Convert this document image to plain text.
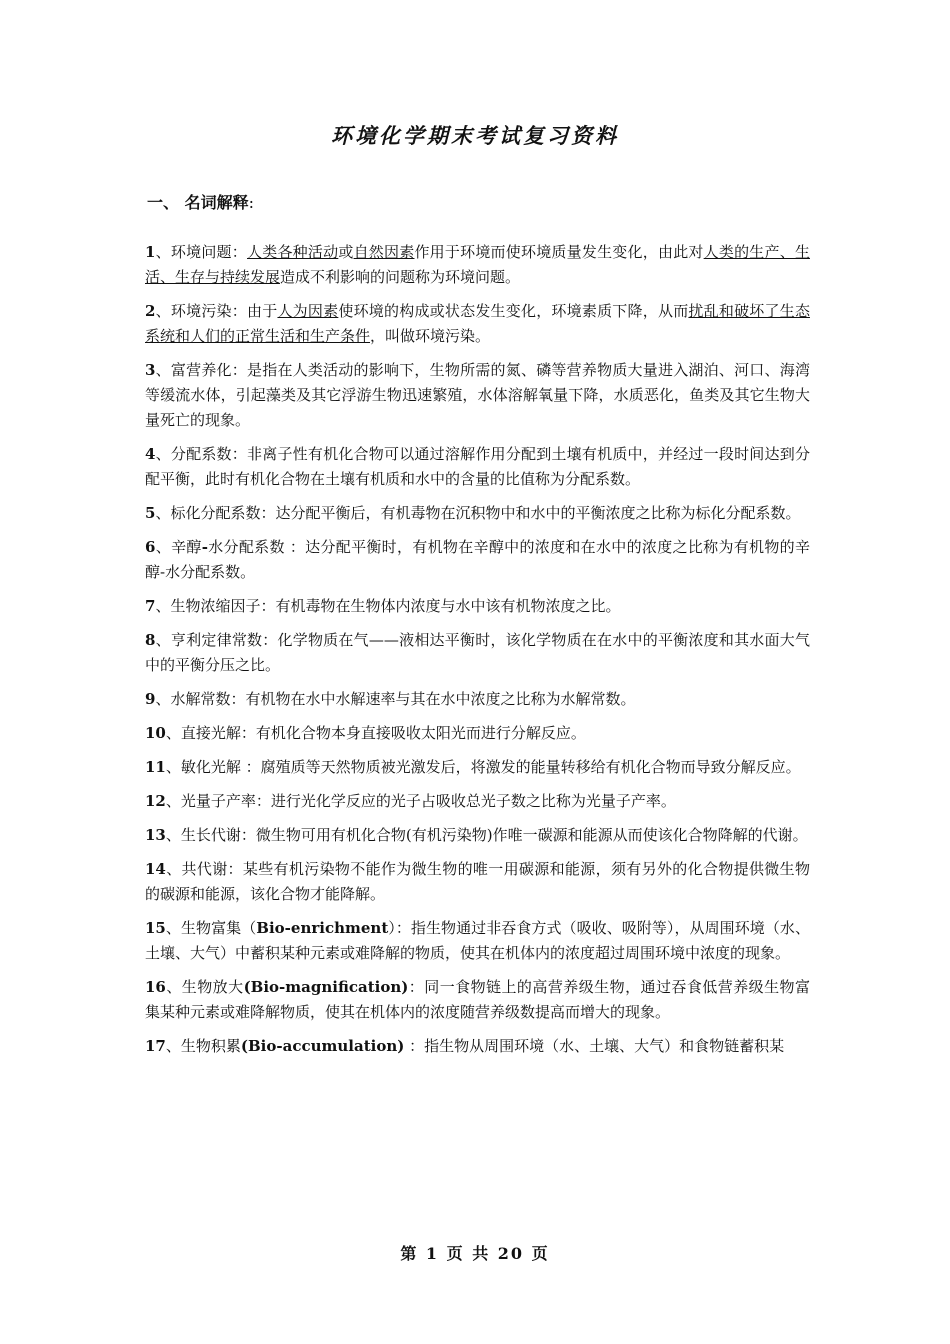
环境化学期末考试复习资料
一、 名词解释:

1、环境问题：人类各种活动或自然因素作用于环境而使环境质量发生变化，由此对人类的生产、生活、生存与持续发展造成不利影响的问题称为环境问题。

2、环境污染：由于人为因素使环境的构成或状态发生变化，环境素质下降，从而扰乱和破坏了生态系统和人们的正常生活和生产条件，叫做环境污染。

3、富营养化：是指在人类活动的影响下，生物所需的氮、磷等营养物质大量进入湖泊、河口、海湾等缓流水体，引起藻类及其它浮游生物迅速繁殖，水体溶解氧量下降，水质恶化，鱼类及其它生物大量死亡的现象。

4、分配系数：非离子性有机化合物可以通过溶解作用分配到土壤有机质中，并经过一段时间达到分配平衡，此时有机化合物在土壤有机质和水中的含量的比值称为分配系数。

5、标化分配系数：达分配平衡后，有机毒物在沉积物中和水中的平衡浓度之比称为标化分配系数。

6、辛醇-水分配系数 ：达分配平衡时，有机物在辛醇中的浓度和在水中的浓度之比称为有机物的辛醇-水分配系数。

7、生物浓缩因子：有机毒物在生物体内浓度与水中该有机物浓度之比。

8、亨利定律常数：化学物质在气——液相达平衡时，该化学物质在在水中的平衡浓度和其水面大气中的平衡分压之比。

9、水解常数：有机物在水中水解速率与其在水中浓度之比称为水解常数。

10、直接光解：有机化合物本身直接吸收太阳光而进行分解反应。

11、敏化光解 ：腐殖质等天然物质被光激发后，将激发的能量转移给有机化合物而导致分解反应。

12、光量子产率：进行光化学反应的光子占吸收总光子数之比称为光量子产率。

13、生长代谢：微生物可用有机化合物(有机污染物)作唯一碳源和能源从而使该化合物降解的代谢。

14、共代谢：某些有机污染物不能作为微生物的唯一用碳源和能源，须有另外的化合物提供微生物的碳源和能源，该化合物才能降解。

15、生物富集（Bio-enrichment）：指生物通过非吞食方式（吸收、吸附等），从周围环境（水、土壤、大气）中蓄积某种元素或难降解的物质，使其在机体内的浓度超过周围环境中浓度的现象。

16、生物放大(Bio-magnification)：同一食物链上的高营养级生物，通过吞食低营养级生物富集某种元素或难降解物质，使其在机体内的浓度随营养级数提高而增大的现象。

17、生物积累(Bio-accumulation) ：指生物从周围环境（水、土壤、大气）和食物链蓄积某

第 1 页 共 20 页
